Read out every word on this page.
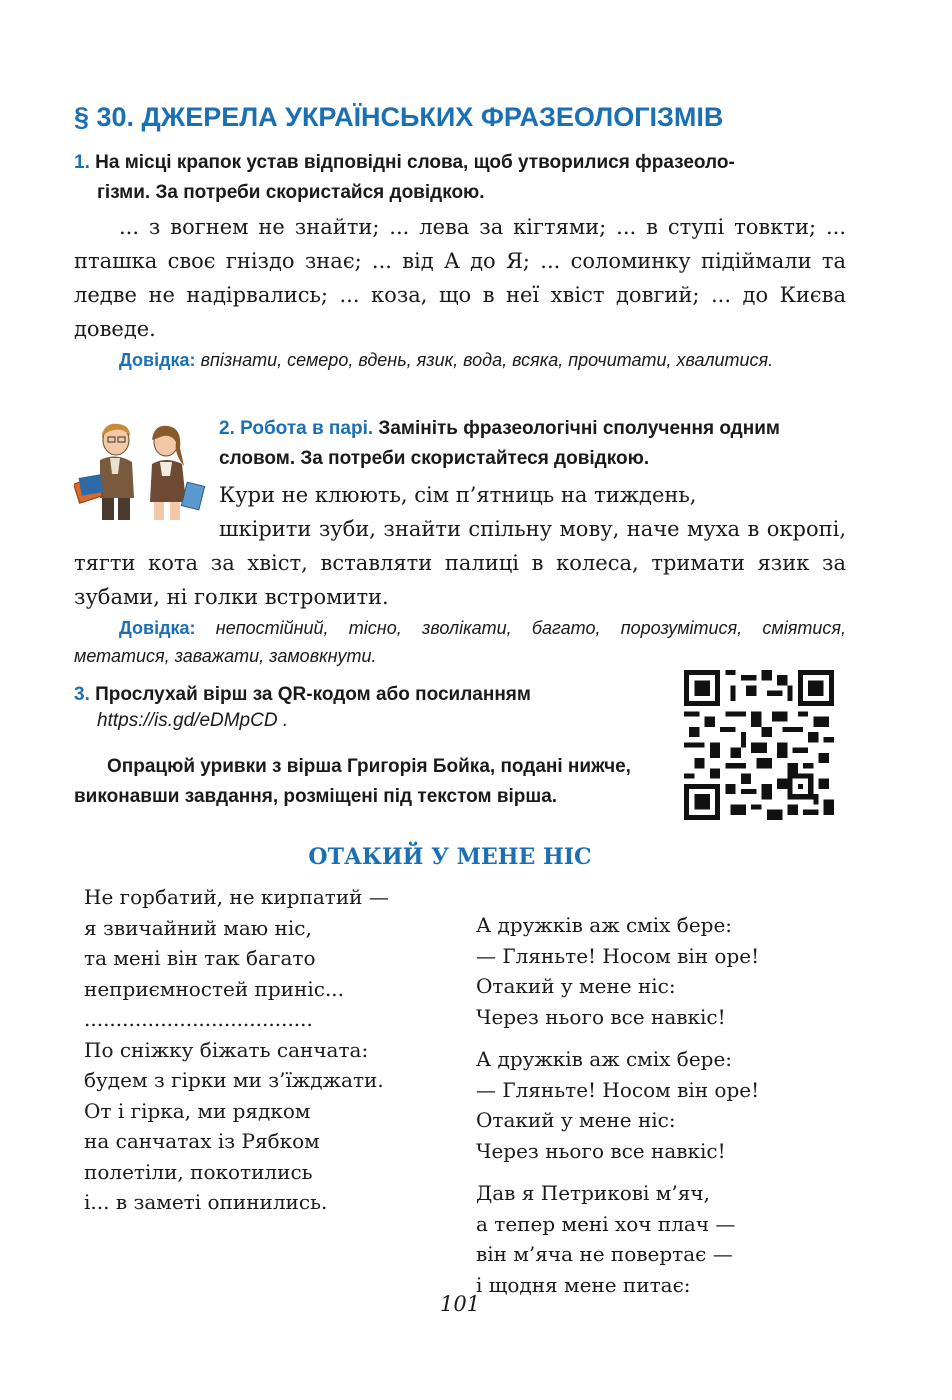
§ 30. ДЖЕРЕЛА УКРАЇНСЬКИХ ФРАЗЕОЛОГІЗМІВ
1. На місці крапок устав відповідні слова, щоб утворилися фразеоло-
гізми. За потреби скористайся довідкою.
... з вогнем не знайти; ... лева за кігтями; ... в ступі товкти; ... пташка своє гніздо знає; ... від А до Я; ... соломинку підіймали та ледве не надірвались; ... коза, що в неї хвіст довгий; ... до Києва доведе.
Довідка: впізнати, семеро, вдень, язик, вода, всяка, прочитати, хвалитися.
2. Робота в парі. Замініть фразеологічні сполучення одним словом. За потреби скористайтеся довідкою.
Кури не клюють, сім п’ятниць на тиждень,
шкірити зуби, знайти спільну мову, наче муха в окропі, тягти кота за хвіст, вставляти палиці в колеса, тримати язик за зубами, ні голки встромити.
Довідка: непостійний, тісно, зволікати, багато, порозумітися, сміятися, метатися, заважати, замовкнути.
3. Прослухай вірш за QR-кодом або посиланням
https://is.gd/eDMpCD .
Опрацюй уривки з вірша Григорія Бойка, подані нижче, виконавши завдання, розміщені під текстом вірша.
ОТАКИЙ У МЕНЕ НІС
Не горбатий, не кирпатий —
я звичайний маю ніс,
та мені він так багато
неприємностей приніс...
....................................
По сніжку біжать санчата:
будем з гірки ми з’їжджати.
От і гірка, ми рядком
на санчатах із Рябком
полетіли, покотились
і... в заметі опинились.
А дружків аж сміх бере:
— Гляньте! Носом він оре!
Отакий у мене ніс:
Через нього все навкіс!
А дружків аж сміх бере:
— Гляньте! Носом він оре!
Отакий у мене ніс:
Через нього все навкіс!
Дав я Петрикові м’яч,
а тепер мені хоч плач —
він м’яча не повертає —
і щодня мене питає:
101
